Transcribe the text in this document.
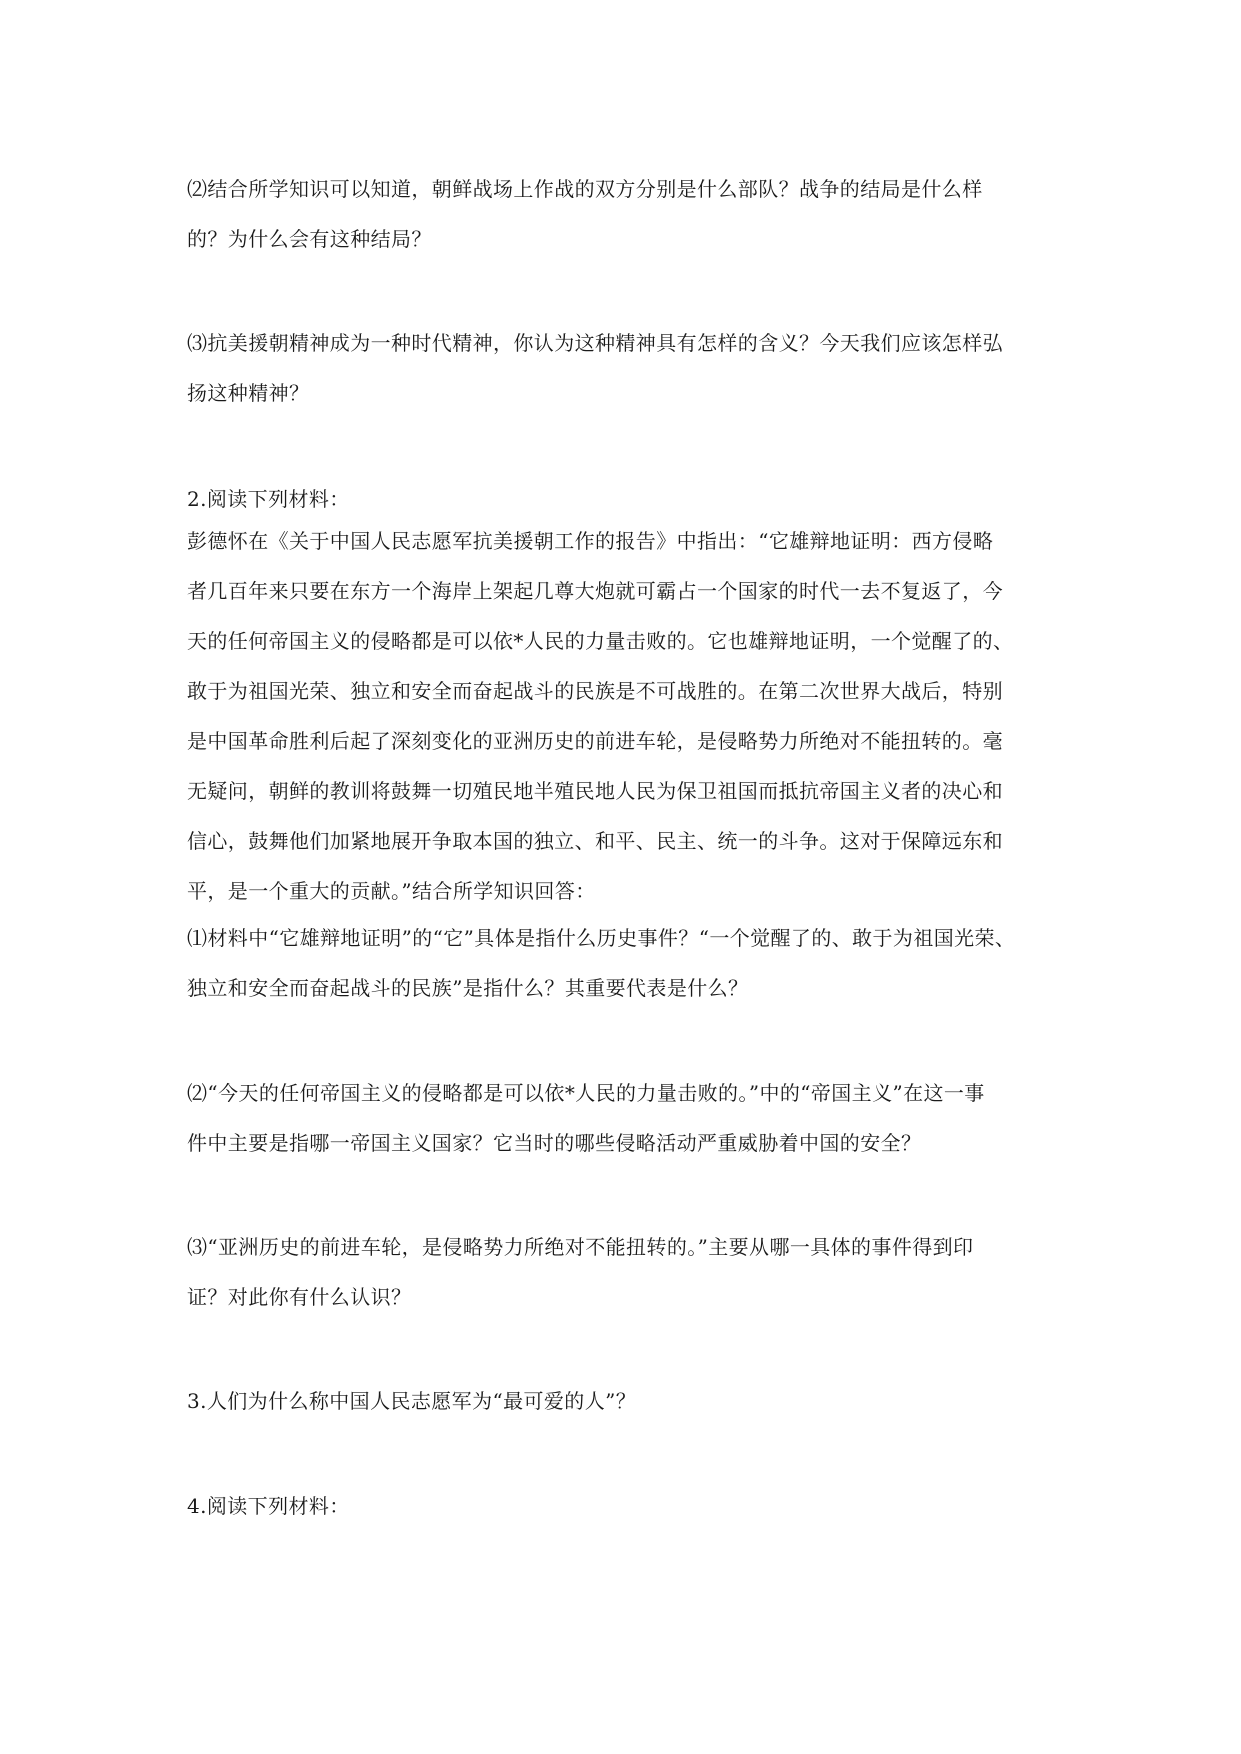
⑵结合所学知识可以知道，朝鲜战场上作战的双方分别是什么部队？战争的结局是什么样
的？为什么会有这种结局？
⑶抗美援朝精神成为一种时代精神，你认为这种精神具有怎样的含义？今天我们应该怎样弘
扬这种精神？
2.阅读下列材料：
彭德怀在《关于中国人民志愿军抗美援朝工作的报告》中指出：“它雄辩地证明：西方侵略
者几百年来只要在东方一个海岸上架起几尊大炮就可霸占一个国家的时代一去不复返了，今
天的任何帝国主义的侵略都是可以依*人民的力量击败的。它也雄辩地证明，一个觉醒了的、
敢于为祖国光荣、独立和安全而奋起战斗的民族是不可战胜的。在第二次世界大战后，特别
是中国革命胜利后起了深刻变化的亚洲历史的前进车轮，是侵略势力所绝对不能扭转的。毫
无疑问，朝鲜的教训将鼓舞一切殖民地半殖民地人民为保卫祖国而抵抗帝国主义者的决心和
信心，鼓舞他们加紧地展开争取本国的独立、和平、民主、统一的斗争。这对于保障远东和
平，是一个重大的贡献。”结合所学知识回答：
⑴材料中“它雄辩地证明”的“它”具体是指什么历史事件？“一个觉醒了的、敢于为祖国光荣、
独立和安全而奋起战斗的民族”是指什么？其重要代表是什么？
⑵“今天的任何帝国主义的侵略都是可以依*人民的力量击败的。”中的“帝国主义”在这一事
件中主要是指哪一帝国主义国家？它当时的哪些侵略活动严重威胁着中国的安全？
⑶“亚洲历史的前进车轮，是侵略势力所绝对不能扭转的。”主要从哪一具体的事件得到印
证？对此你有什么认识？
3.人们为什么称中国人民志愿军为“最可爱的人”？
4.阅读下列材料：
